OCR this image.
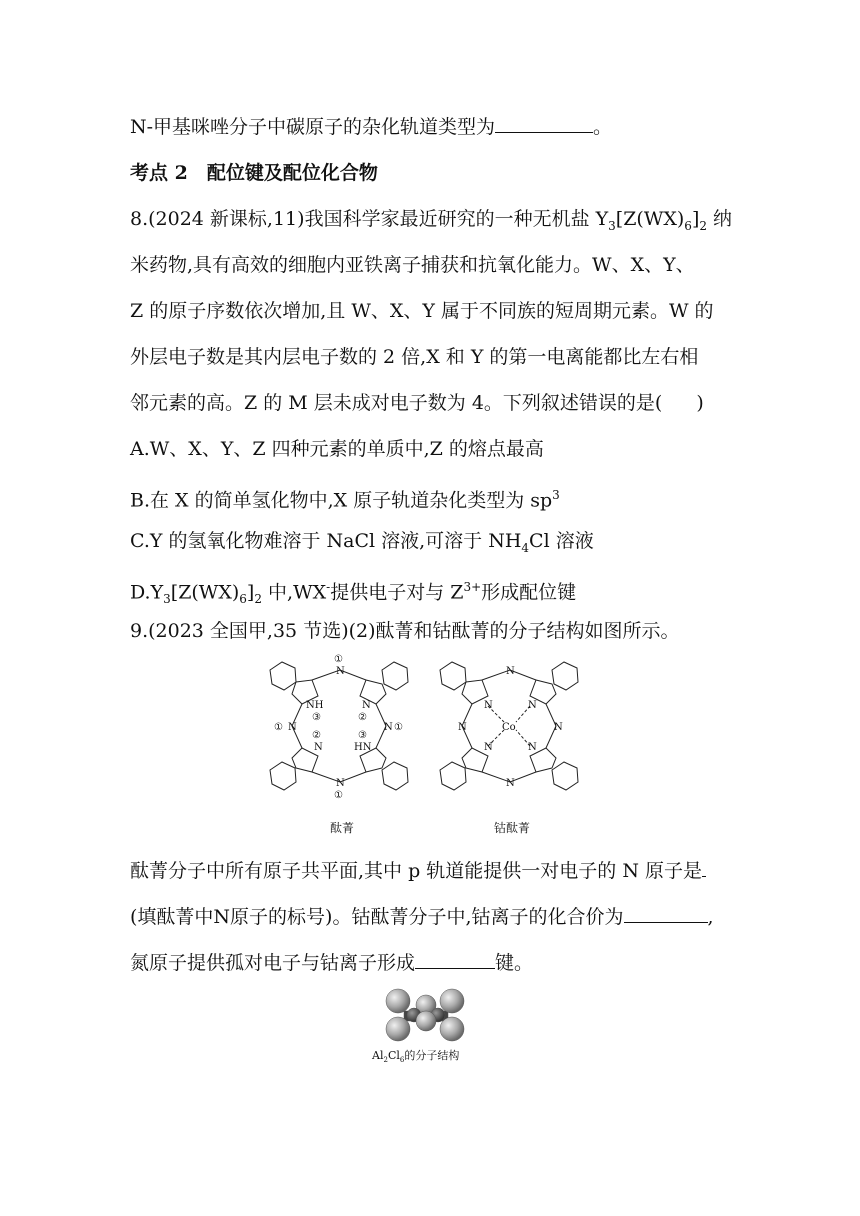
N-甲基咪唑分子中碳原子的杂化轨道类型为	。
考点 2　配位键及配位化合物
8.(2024 新课标,11)我国科学家最近研究的一种无机盐 $Y_3[Z(WX)_6]_2$ 纳
米药物,具有高效的细胞内亚铁离子捕获和抗氧化能力。W、X、Y、
Z 的原子序数依次增加,且 W、X、Y 属于不同族的短周期元素。W 的
外层电子数是其内层电子数的 2 倍,X 和 Y 的第一电离能都比左右相
邻元素的高。Z 的 M 层未成对电子数为 4。下列叙述错误的是( )
A.W、X、Y、Z 四种元素的单质中,Z 的熔点最高
B.在 X 的简单氢化物中,X 原子轨道杂化类型为 $sp^3$
C.Y 的氢氧化物难溶于 NaCl 溶液,可溶于 $NH_4Cl$ 溶液
$D.Y_3[Z(WX)_6]_2$ 中,WX-提供电子对与 $Z^{3+}$形成配位键
9.(2023 全国甲,35 节选)(2)酞菁和钴酞菁的分子结构如图所示。
N
①
NH
③
N
②
N
①
②
N
③
HN
N ①
N
①
N
N	N
Co
N	N
N	N
N
酞菁	钴酞菁
酞菁分子中所有原子共平面,其中 p 轨道能提供一对电子的 N 原子是
(填酞菁中N原子的标号)。钴酞菁分子中,钴离子的化合价为	,
氮原子提供孤对电子与钴离子形成	键。
$Al_2Cl_6$的分子结构
